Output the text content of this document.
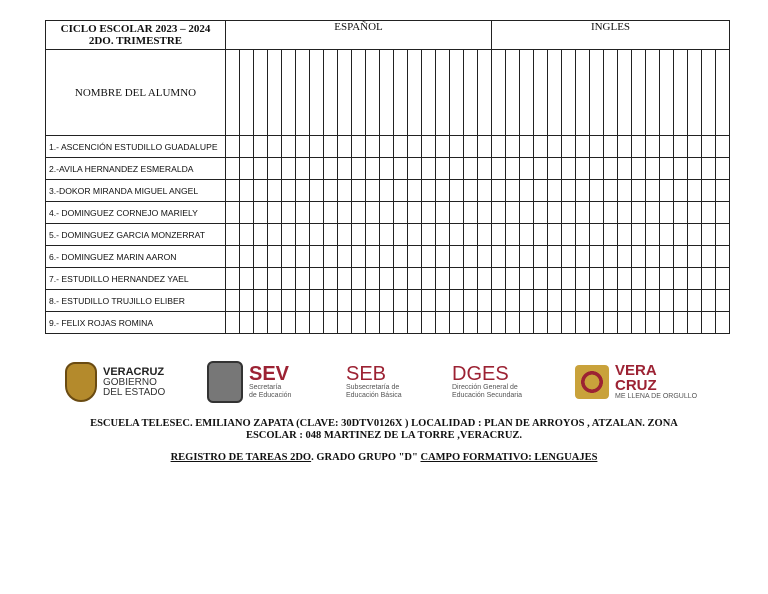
CICLO ESCOLAR 2023 – 2024
2DO. TRIMESTRE	ESPAÑOL																			INGLES																
NOMBRE DEL ALUMNO																																				
1.- ASCENCIÓN ESTUDILLO GUADALUPE																																				
2.-AVILA HERNANDEZ ESMERALDA																																				
3.-DOKOR MIRANDA MIGUEL ANGEL																																				
4.- DOMINGUEZ CORNEJO MARIELY																																				
5.- DOMINGUEZ GARCIA MONZERRAT																																				
6.- DOMINGUEZ MARIN AARON																																				
7.- ESTUDILLO HERNANDEZ YAEL																																				
8.- ESTUDILLO TRUJILLO ELIBER																																				
9.- FELIX ROJAS ROMINA																																				
VERACRUZ
GOBIERNO
DEL ESTADO
SEV
Secretaría
de Educación
SEB
Subsecretaría de
Educación Básica
DGES
Dirección General de
Educación Secundaria
VERA
CRUZ
ME LLENA DE ORGULLO
ESCUELA TELESEC. EMILIANO ZAPATA (CLAVE: 30DTV0126X ) LOCALIDAD : PLAN DE ARROYOS , ATZALAN. ZONA
ESCOLAR : 048 MARTINEZ DE LA TORRE ,VERACRUZ.
REGISTRO DE TAREAS 2DO. GRADO GRUPO "D" CAMPO FORMATIVO: LENGUAJES
